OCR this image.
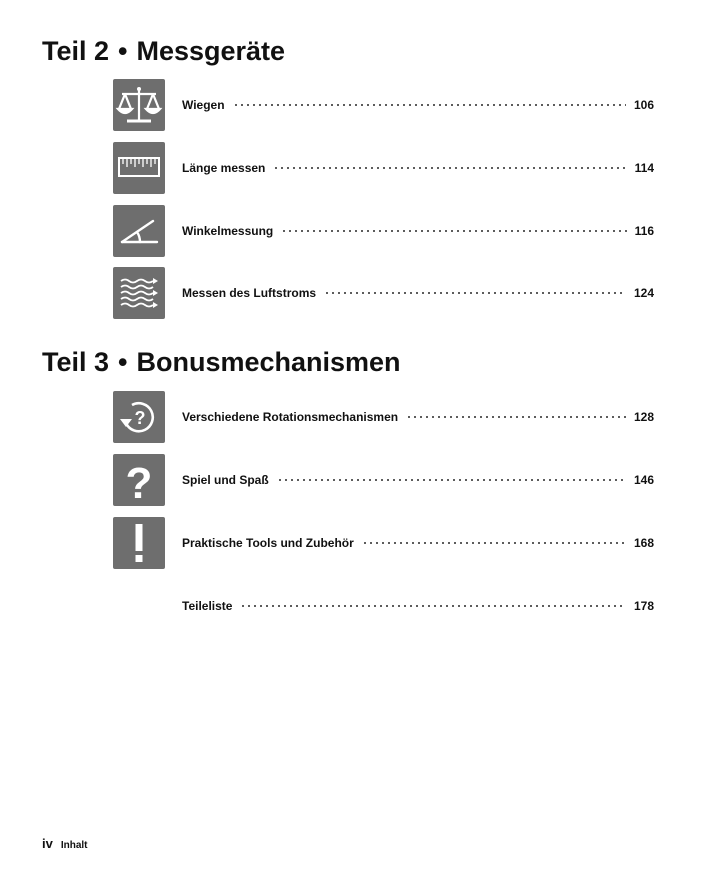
Teil 2 • Messgeräte
Wiegen	106
Länge messen	114
Winkelmessung	116
Messen des Luftstroms	124
Teil 3 • Bonusmechanismen
?	Verschiedene Rotationsmechanismen	128
? Spiel und Spaß	146
Praktische Tools und Zubehör	168
Teileliste	178
iv Inhalt
